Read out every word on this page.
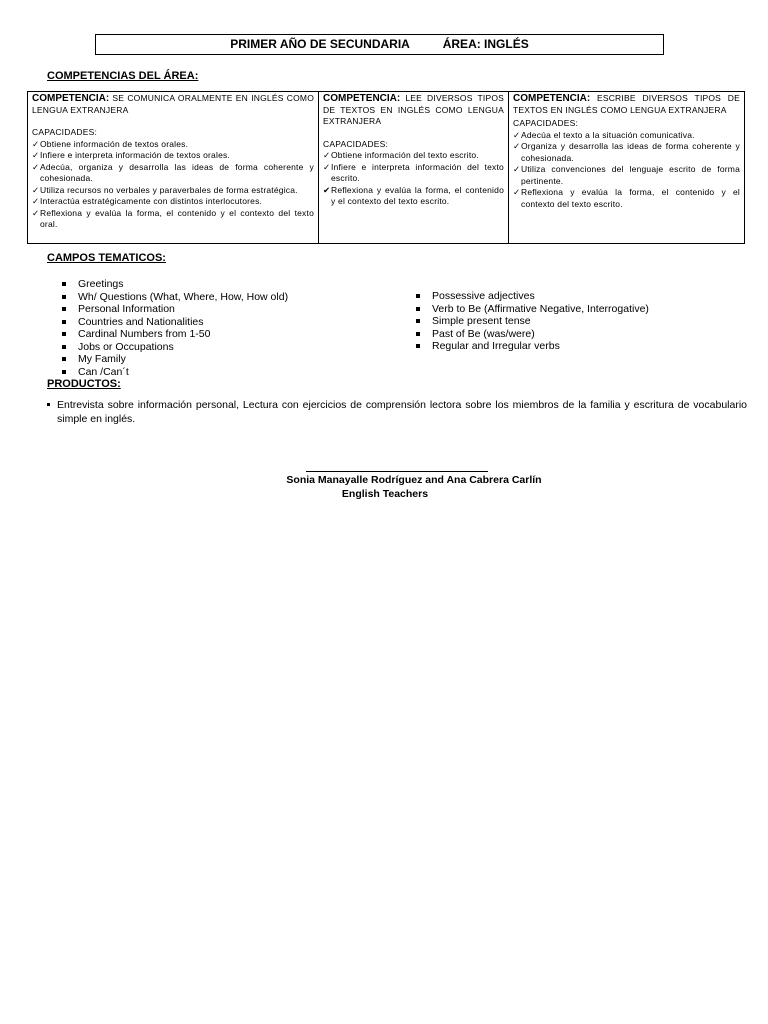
PRIMER AÑO DE SECUNDARIA          ÁREA: INGLÉS
COMPETENCIAS DEL ÁREA:
COMPETENCIA: SE COMUNICA ORALMENTE EN INGLÉS COMO LENGUA EXTRANJERA
CAPACIDADES:
✓ Obtiene información de textos orales.
✓ Infiere e interpreta información de textos orales.
✓ Adecúa, organiza y desarrolla las ideas de forma coherente y cohesionada.
✓ Utiliza recursos no verbales y paraverbales de forma estratégica.
✓ Interactúa estratégicamente con distintos interlocutores.
✓ Reflexiona y evalúa la forma, el contenido y el contexto del texto oral.
COMPETENCIA: LEE DIVERSOS TIPOS DE TEXTOS EN INGLÉS COMO LENGUA EXTRANJERA
CAPACIDADES:
✓ Obtiene información del texto escrito.
✓ Infiere e interpreta información del texto escrito.
✔ Reflexiona y evalúa la forma, el contenido y el contexto del texto escrito.
COMPETENCIA: ESCRIBE DIVERSOS TIPOS DE TEXTOS EN INGLÉS COMO LENGUA EXTRANJERA
CAPACIDADES:
✓ Adecúa el texto a la situación comunicativa.
✓ Organiza y desarrolla las ideas de forma coherente y cohesionada.
✓ Utiliza convenciones del lenguaje escrito de forma pertinente.
✓ Reflexiona y evalúa la forma, el contenido y el contexto del texto escrito.
CAMPOS TEMATICOS:
Greetings
Wh/ Questions (What, Where, How, How old)
Personal Information
Countries and Nationalities
Cardinal Numbers from 1-50
Jobs or Occupations
My Family
Can /Can´t
Possessive adjectives
Verb to Be (Affirmative Negative, Interrogative)
Simple present tense
Past of Be (was/were)
Regular and Irregular verbs
PRODUCTOS:
Entrevista sobre información personal, Lectura con ejercicios de comprensión lectora sobre los miembros de la familia y escritura de vocabulario simple en inglés.
Sonia Manayalle Rodríguez and Ana Cabrera Carlín
English Teachers
